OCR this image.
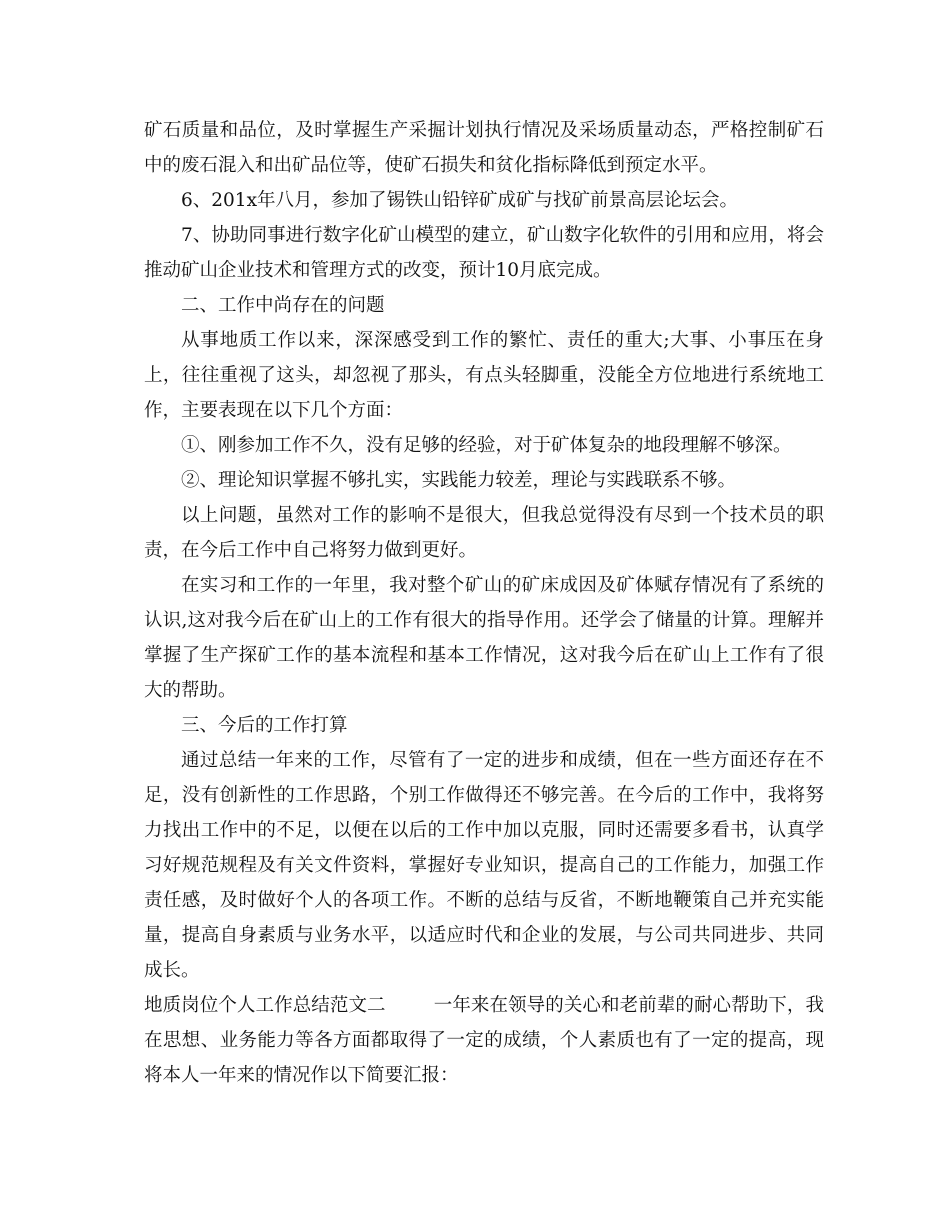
矿石质量和品位，及时掌握生产采掘计划执行情况及采场质量动态，严格控制矿石中的废石混入和出矿品位等，使矿石损失和贫化指标降低到预定水平。

6、201x年八月，参加了锡铁山铅锌矿成矿与找矿前景高层论坛会。

7、协助同事进行数字化矿山模型的建立，矿山数字化软件的引用和应用，将会推动矿山企业技术和管理方式的改变，预计10月底完成。

二、工作中尚存在的问题

从事地质工作以来，深深感受到工作的繁忙、责任的重大;大事、小事压在身上，往往重视了这头，却忽视了那头，有点头轻脚重，没能全方位地进行系统地工作，主要表现在以下几个方面：

①、刚参加工作不久，没有足够的经验，对于矿体复杂的地段理解不够深。

②、理论知识掌握不够扎实，实践能力较差，理论与实践联系不够。

以上问题，虽然对工作的影响不是很大，但我总觉得没有尽到一个技术员的职责，在今后工作中自己将努力做到更好。

在实习和工作的一年里，我对整个矿山的矿床成因及矿体赋存情况有了系统的认识,这对我今后在矿山上的工作有很大的指导作用。还学会了储量的计算。理解并掌握了生产探矿工作的基本流程和基本工作情况，这对我今后在矿山上工作有了很大的帮助。

三、今后的工作打算

通过总结一年来的工作，尽管有了一定的进步和成绩，但在一些方面还存在不足，没有创新性的工作思路，个别工作做得还不够完善。在今后的工作中，我将努力找出工作中的不足，以便在以后的工作中加以克服，同时还需要多看书，认真学习好规范规程及有关文件资料，掌握好专业知识，提高自己的工作能力，加强工作责任感，及时做好个人的各项工作。不断的总结与反省，不断地鞭策自己并充实能量，提高自身素质与业务水平，以适应时代和企业的发展，与公司共同进步、共同成长。

地质岗位个人工作总结范文二	一年来在领导的关心和老前辈的耐心帮助下，我在思想、业务能力等各方面都取得了一定的成绩，个人素质也有了一定的提高，现将本人一年来的情况作以下简要汇报：
